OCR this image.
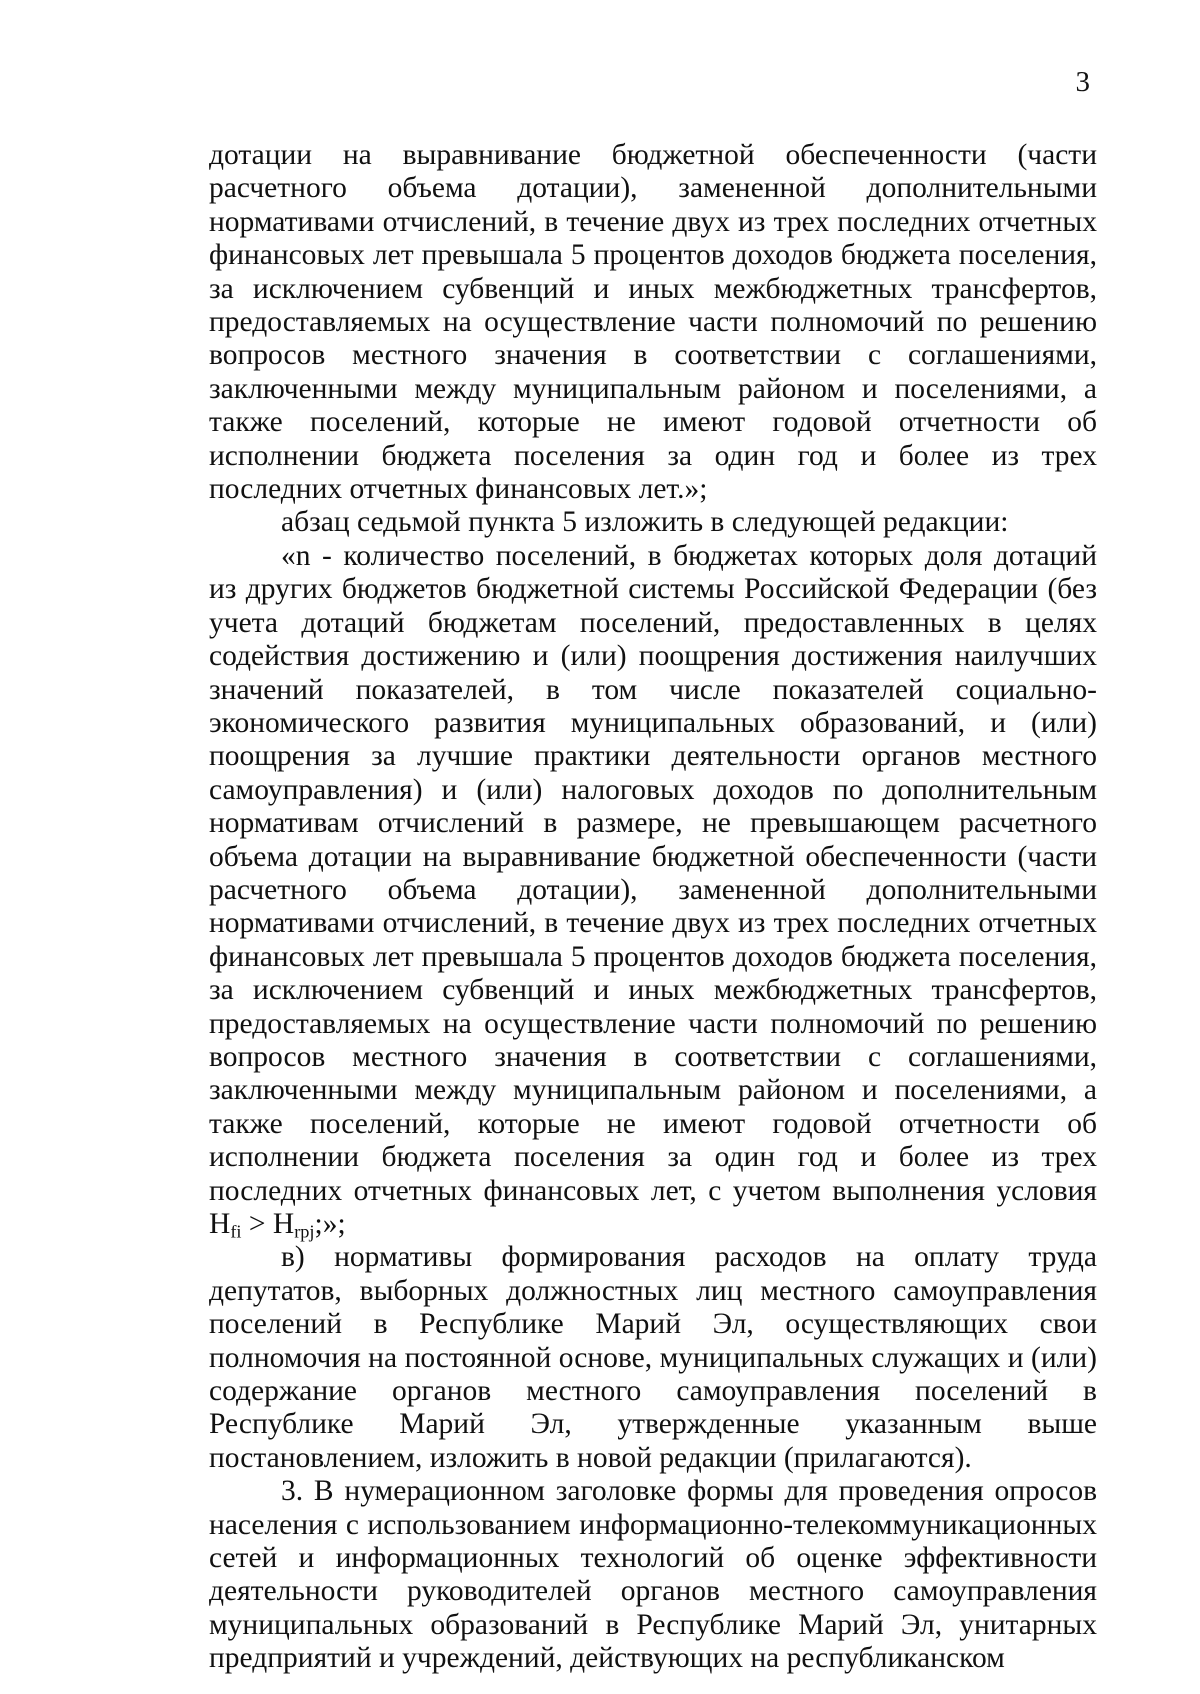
3

дотации на выравнивание бюджетной обеспеченности (части расчетного объема дотации), замененной дополнительными нормативами отчислений, в течение двух из трех последних отчетных финансовых лет превышала 5 процентов доходов бюджета поселения, за исключением субвенций и иных межбюджетных трансфертов, предоставляемых на осуществление части полномочий по решению вопросов местного значения в соответствии с соглашениями, заключенными между муниципальным районом и поселениями, а также поселений, которые не имеют годовой отчетности об исполнении бюджета поселения за один год и более из трех последних отчетных финансовых лет.»;

абзац седьмой пункта 5 изложить в следующей редакции:

«n - количество поселений, в бюджетах которых доля дотаций из других бюджетов бюджетной системы Российской Федерации (без учета дотаций бюджетам поселений, предоставленных в целях содействия достижению и (или) поощрения достижения наилучших значений показателей, в том числе показателей социально-экономического развития муниципальных образований, и (или) поощрения за лучшие практики деятельности органов местного самоуправления) и (или) налоговых доходов по дополнительным нормативам отчислений в размере, не превышающем расчетного объема дотации на выравнивание бюджетной обеспеченности (части расчетного объема дотации), замененной дополнительными нормативами отчислений, в течение двух из трех последних отчетных финансовых лет превышала 5 процентов доходов бюджета поселения, за исключением субвенций и иных межбюджетных трансфертов, предоставляемых на осуществление части полномочий по решению вопросов местного значения в соответствии с соглашениями, заключенными между муниципальным районом и поселениями, а также поселений, которые не имеют годовой отчетности об исполнении бюджета поселения за один год и более из трех последних отчетных финансовых лет, с учетом выполнения условия $H_{fi} > H_{rpj}$;»;

в) нормативы формирования расходов на оплату труда депутатов, выборных должностных лиц местного самоуправления поселений в Республике Марий Эл, осуществляющих свои полномочия на постоянной основе, муниципальных служащих и (или) содержание органов местного самоуправления поселений в Республике Марий Эл, утвержденные указанным выше постановлением, изложить в новой редакции (прилагаются).

3. В нумерационном заголовке формы для проведения опросов населения с использованием информационно-телекоммуникационных сетей и информационных технологий об оценке эффективности деятельности руководителей органов местного самоуправления муниципальных образований в Республике Марий Эл, унитарных предприятий и учреждений, действующих на республиканском
